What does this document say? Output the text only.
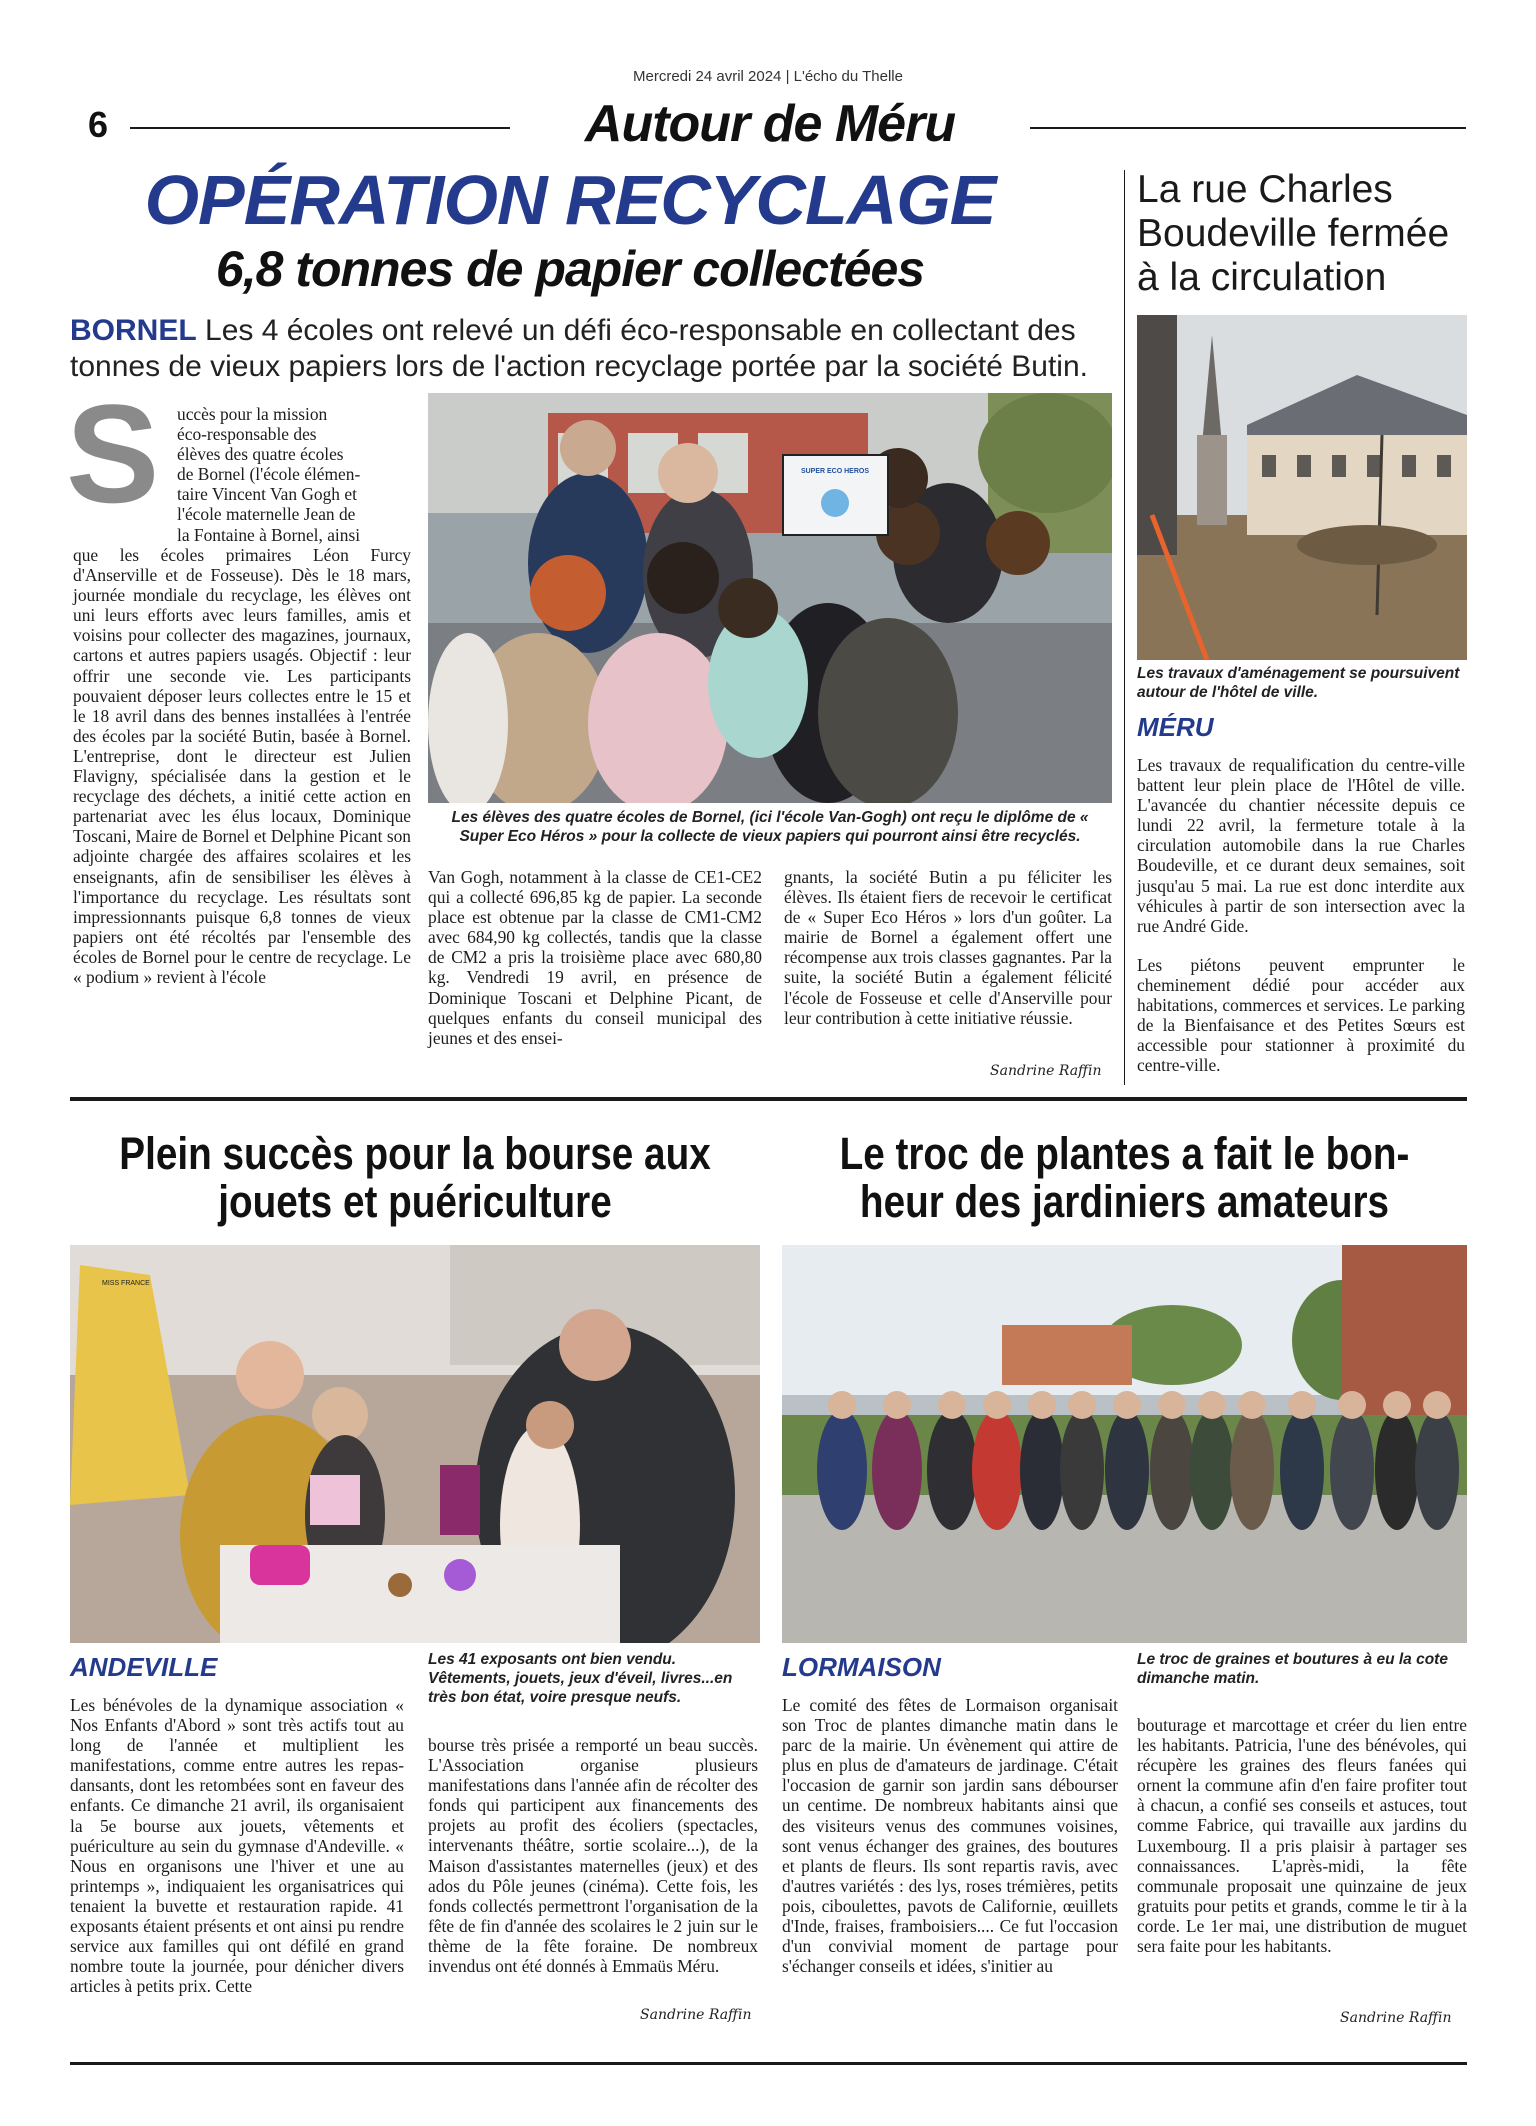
Mercredi 24 avril 2024 | L'écho du Thelle
6	Autour de Méru
OPÉRATION RECYCLAGE
6,8 tonnes de papier collectées
BORNEL Les 4 écoles ont relevé un défi éco-responsable en collectant des
tonnes de vieux papiers lors de l'action recyclage portée par la société Butin.
S uccès pour la mission
éco-responsable des
élèves des quatre écoles
de Bornel (l'école élémen-
taire Vincent Van Gogh et
l'école maternelle Jean de
la Fontaine à Bornel, ainsi

que les écoles primaires Léon Furcy d'Anserville et de Fosseuse). Dès le 18 mars, journée mondiale du recyclage, les élèves ont uni leurs efforts avec leurs familles, amis et voisins pour collecter des magazines, journaux, cartons et autres papiers usagés. Objectif : leur offrir une seconde vie. Les participants pouvaient déposer leurs collectes entre le 15 et le 18 avril dans des bennes installées à l'entrée des écoles par la société Butin, basée à Bornel. L'entreprise, dont le directeur est Julien Flavigny, spécialisée dans la gestion et le recyclage des déchets, a initié cette action en partenariat avec les élus locaux, Dominique Toscani, Maire de Bornel et Delphine Picant son adjointe chargée des affaires scolaires et les enseignants, afin de sensibiliser les élèves à l'importance du recyclage. Les résultats sont impressionnants puisque 6,8 tonnes de vieux papiers ont été récoltés par l'ensemble des écoles de Bornel pour le centre de recyclage. Le « podium » revient à l'école

SUPER ECO HEROS
Les élèves des quatre écoles de Bornel, (ici l'école Van-Gogh) ont reçu le diplôme de « Super Eco Héros » pour la collecte de vieux papiers qui pourront ainsi être recyclés.

Van Gogh, notamment à la classe de CE1-CE2 qui a collecté 696,85 kg de papier. La seconde place est obtenue par la classe de CM1-CM2 avec 684,90 kg collectés, tandis que la classe de CM2 a pris la troisième place avec 680,80 kg. Vendredi 19 avril, en présence de Dominique Toscani et Delphine Picant, de quelques enfants du conseil municipal des jeunes et des ensei-

gnants, la société Butin a pu féliciter les élèves. Ils étaient fiers de recevoir le certificat de « Super Eco Héros » lors d'un goûter. La mairie de Bornel a également offert une récompense aux trois classes gagnantes. Par la suite, la société Butin a également félicité l'école de Fosseuse et celle d'Anserville pour leur contribution à cette initiative réussie.

Sandrine Raffin
La rue Charles
Boudeville fermée
à la circulation
Les travaux d'aménagement se poursuivent autour de l'hôtel de ville.
MÉRU

Les travaux de requalification du centre-ville battent leur plein place de l'Hôtel de ville. L'avancée du chantier nécessite depuis ce lundi 22 avril, la fermeture totale à la circulation automobile dans la rue Charles Boudeville, et ce durant deux semaines, soit jusqu'au 5 mai. La rue est donc interdite aux véhicules à partir de son intersection avec la rue André Gide.

Les piétons peuvent emprunter le cheminement dédié pour accéder aux habitations, commerces et services. Le parking de la Bienfaisance et des Petites Sœurs est accessible pour stationner à proximité du centre-ville.

Plein succès pour la bourse aux
jouets et puériculture
MISS FRANCE
ANDEVILLE	Les 41 exposants ont bien vendu. Vêtements, jouets, jeux d'éveil, livres...en très bon état, voire presque neufs.

Les bénévoles de la dynamique association « Nos Enfants d'Abord » sont très actifs tout au long de l'année et multiplient les manifestations, comme entre autres les repas-dansants, dont les retombées sont en faveur des enfants. Ce dimanche 21 avril, ils organisaient la 5e bourse aux jouets, vêtements et puériculture au sein du gymnase d'Andeville. « Nous en organisons une l'hiver et une au printemps », indiquaient les organisatrices qui tenaient la buvette et restauration rapide. 41 exposants étaient présents et ont ainsi pu rendre service aux familles qui ont défilé en grand nombre toute la journée, pour dénicher divers articles à petits prix. Cette

bourse très prisée a remporté un beau succès. L'Association organise plusieurs manifestations dans l'année afin de récolter des fonds qui participent aux financements des projets au profit des écoliers (spectacles, intervenants théâtre, sortie scolaire...), de la Maison d'assistantes maternelles (jeux) et des ados du Pôle jeunes (cinéma). Cette fois, les fonds collectés permettront l'organisation de la fête de fin d'année des scolaires le 2 juin sur le thème de la fête foraine. De nombreux invendus ont été donnés à Emmaüs Méru.

Sandrine Raffin
Le troc de plantes a fait le bon-
heur des jardiniers amateurs
LORMAISON	Le troc de graines et boutures à eu la cote dimanche matin.

Le comité des fêtes de Lormaison organisait son Troc de plantes dimanche matin dans le parc de la mairie. Un évènement qui attire de plus en plus de d'amateurs de jardinage. C'était l'occasion de garnir son jardin sans débourser un centime. De nombreux habitants ainsi que des visiteurs venus des communes voisines, sont venus échanger des graines, des boutures et plants de fleurs. Ils sont repartis ravis, avec d'autres variétés : des lys, roses trémières, petits pois, ciboulettes, pavots de Californie, œuillets d'Inde, fraises, framboisiers.... Ce fut l'occasion d'un convivial moment de partage pour s'échanger conseils et idées, s'initier au

bouturage et marcottage et créer du lien entre les habitants. Patricia, l'une des bénévoles, qui récupère les graines des fleurs fanées qui ornent la commune afin d'en faire profiter tout à chacun, a confié ses conseils et astuces, tout comme Fabrice, qui travaille aux jardins du Luxembourg. Il a pris plaisir à partager ses connaissances. L'après-midi, la fête communale proposait une quinzaine de jeux gratuits pour petits et grands, comme le tir à la corde. Le 1er mai, une distribution de muguet sera faite pour les habitants.

Sandrine Raffin
